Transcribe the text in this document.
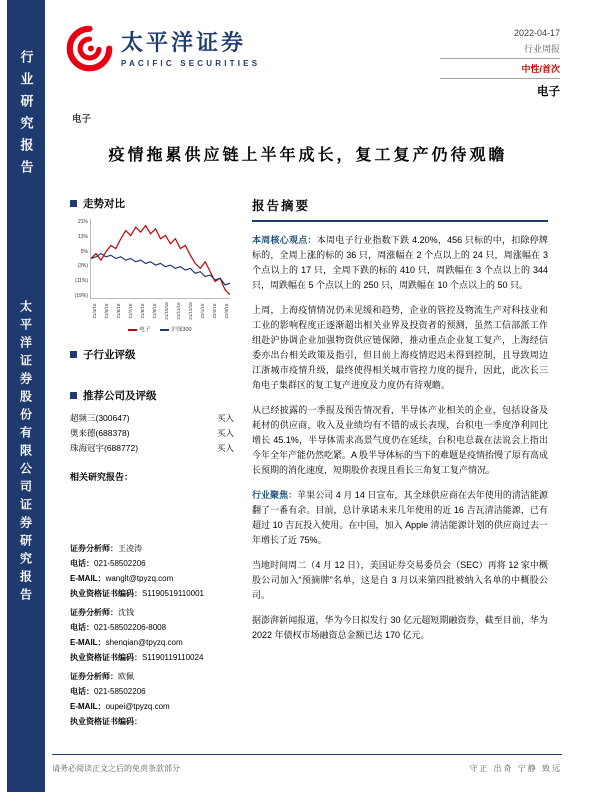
行业研究报告
太平洋证券股份有限公司证券研究报告
太平洋证券
PACIFIC SECURITIES
2022-04-17
行业周报
中性/首次
电子
电子
疫情拖累供应链上半年成长，复工复产仍待观瞻
走势对比
21%
13%
5%
(3%)
(11%)
(19%)
21/4/16	21/5/16	21/6/16	21/7/16	21/8/16	21/9/16	21/10/16	21/11/16	21/12/16	22/1/16	22/2/16	22/3/16
电子	沪深300
子行业评级
推荐公司及评级
超频三(300647)	买入
奥来德(688378)	买入
珠海冠宇(688772)	买入
相关研究报告：
证券分析师：王凌涛
电话：021-58502206
E-MAIL：wanglt@tpyzq.com
执业资格证书编码：S1190519110001
证券分析师：沈钱
电话：021-58502206-8008
E-MAIL：shenqian@tpyzq.com
执业资格证书编码：S1190119110024
证券分析师：欧佩
电话：021-58502206
E-MAIL：oupei@tpyzq.com
执业资格证书编码：
报告摘要

本周核心观点：本周电子行业指数下跌 4.20%，456 只标的中，扣除停牌标的，全周上涨的标的 36 只，周涨幅在 2 个点以上的 24 只，周涨幅在 3 个点以上的 17 只，全周下跌的标的 410 只，周跌幅在 3 个点以上的 344 只，周跌幅在 5 个点以上的 250 只，周跌幅在 10 个点以上的 50 只。

上周，上海疫情情况仍未见缓和趋势，企业的管控及物流生产对科技业和工业的影响程度正逐渐超出相关业界及投资者的预测，虽然工信部派工作组赴沪协调企业加强物资供应链保障，推动重点企业复工复产，上海经信委亦出台相关政策及指引，但目前上海疫情迟迟未得到控制，且导致周边江浙城市疫情升级，最终使得相关城市管控力度的提升，因此，此次长三角电子集群区的复工复产进度及力度仍有待观瞻。

从已经披露的一季报及预告情况看，半导体产业相关的企业，包括设备及耗材的供应商，收入及业绩均有不错的成长表现，台积电一季度净利同比增长 45.1%，半导体需求高景气度仍在延续，台积电总裁在法说会上指出今年全年产能仍然吃紧。A 股半导体标的当下的难题是疫情抬慢了原有高成长预期的消化速度，短期股价表现且看长三角复工复产情况。

行业聚焦：苹果公司 4 月 14 日宣布，其全球供应商在去年使用的清洁能源翻了一番有余。目前，总计承诺未来几年使用的近 16 吉瓦清洁能源，已有超过 10 吉瓦投入使用。在中国，加入 Apple 清洁能源计划的供应商过去一年增长了近 75%。

当地时间周二（4 月 12 日），美国证券交易委员会（SEC）再将 12 家中概股公司加入“预摘牌”名单，这是自 3 月以来第四批被纳入名单的中概股公司。

据澎湃新闻报道，华为今日拟发行 30 亿元超短期融资券，截至目前，华为 2022 年债权市场融资总金额已达 170 亿元。

请务必阅读正文之后的免责条款部分	守正 出奇 宁静 致远
